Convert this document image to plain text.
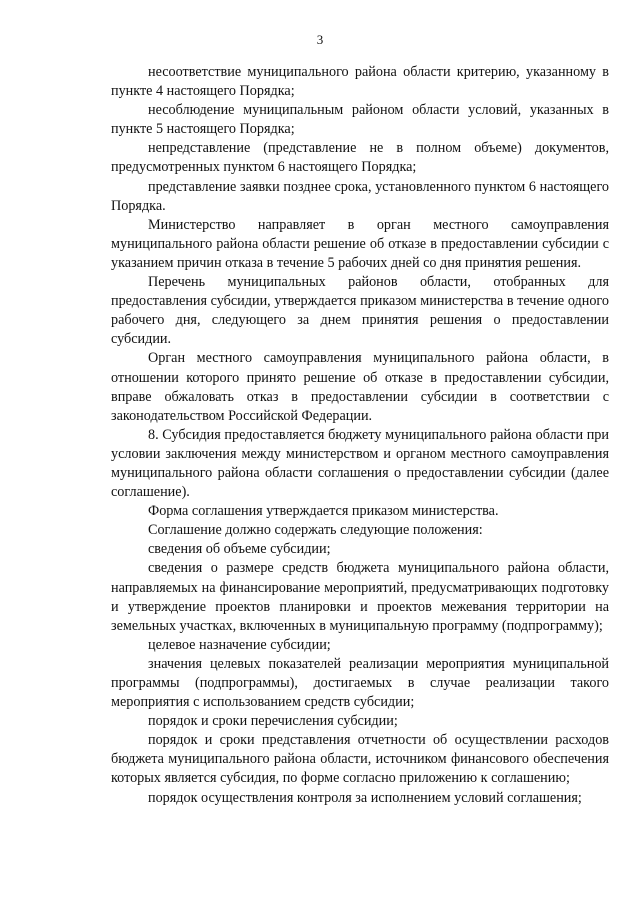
3

несоответствие муниципального района области критерию, указанному в пункте 4 настоящего Порядка;

несоблюдение муниципальным районом области условий, указанных в пункте 5 настоящего Порядка;

непредставление (представление не в полном объеме) документов, предусмотренных пунктом 6 настоящего Порядка;

представление заявки позднее срока, установленного пунктом 6 настоящего Порядка.

Министерство направляет в орган местного самоуправления муниципального района области решение об отказе в предоставлении субсидии с указанием причин отказа в течение 5 рабочих дней со дня принятия решения.

Перечень муниципальных районов области, отобранных для предоставления субсидии, утверждается приказом министерства в течение одного рабочего дня, следующего за днем принятия решения о предоставлении субсидии.

Орган местного самоуправления муниципального района области, в отношении которого принято решение об отказе в предоставлении субсидии, вправе обжаловать отказ в предоставлении субсидии в соответствии с законодательством Российской Федерации.

8. Субсидия предоставляется бюджету муниципального района области при условии заключения между министерством и органом местного самоуправления муниципального района области соглашения о предоставлении субсидии (далее соглашение).

Форма соглашения утверждается приказом министерства.

Соглашение должно содержать следующие положения:

сведения об объеме субсидии;

сведения о размере средств бюджета муниципального района области, направляемых на финансирование мероприятий, предусматривающих подготовку и утверждение проектов планировки и проектов межевания территории на земельных участках, включенных в муниципальную программу (подпрограмму);

целевое назначение субсидии;

значения целевых показателей реализации мероприятия муниципальной программы (подпрограммы), достигаемых в случае реализации такого мероприятия с использованием средств субсидии;

порядок и сроки перечисления субсидии;

порядок и сроки представления отчетности об осуществлении расходов бюджета муниципального района области, источником финансового обеспечения которых является субсидия, по форме согласно приложению к соглашению;

порядок осуществления контроля за исполнением условий соглашения;
